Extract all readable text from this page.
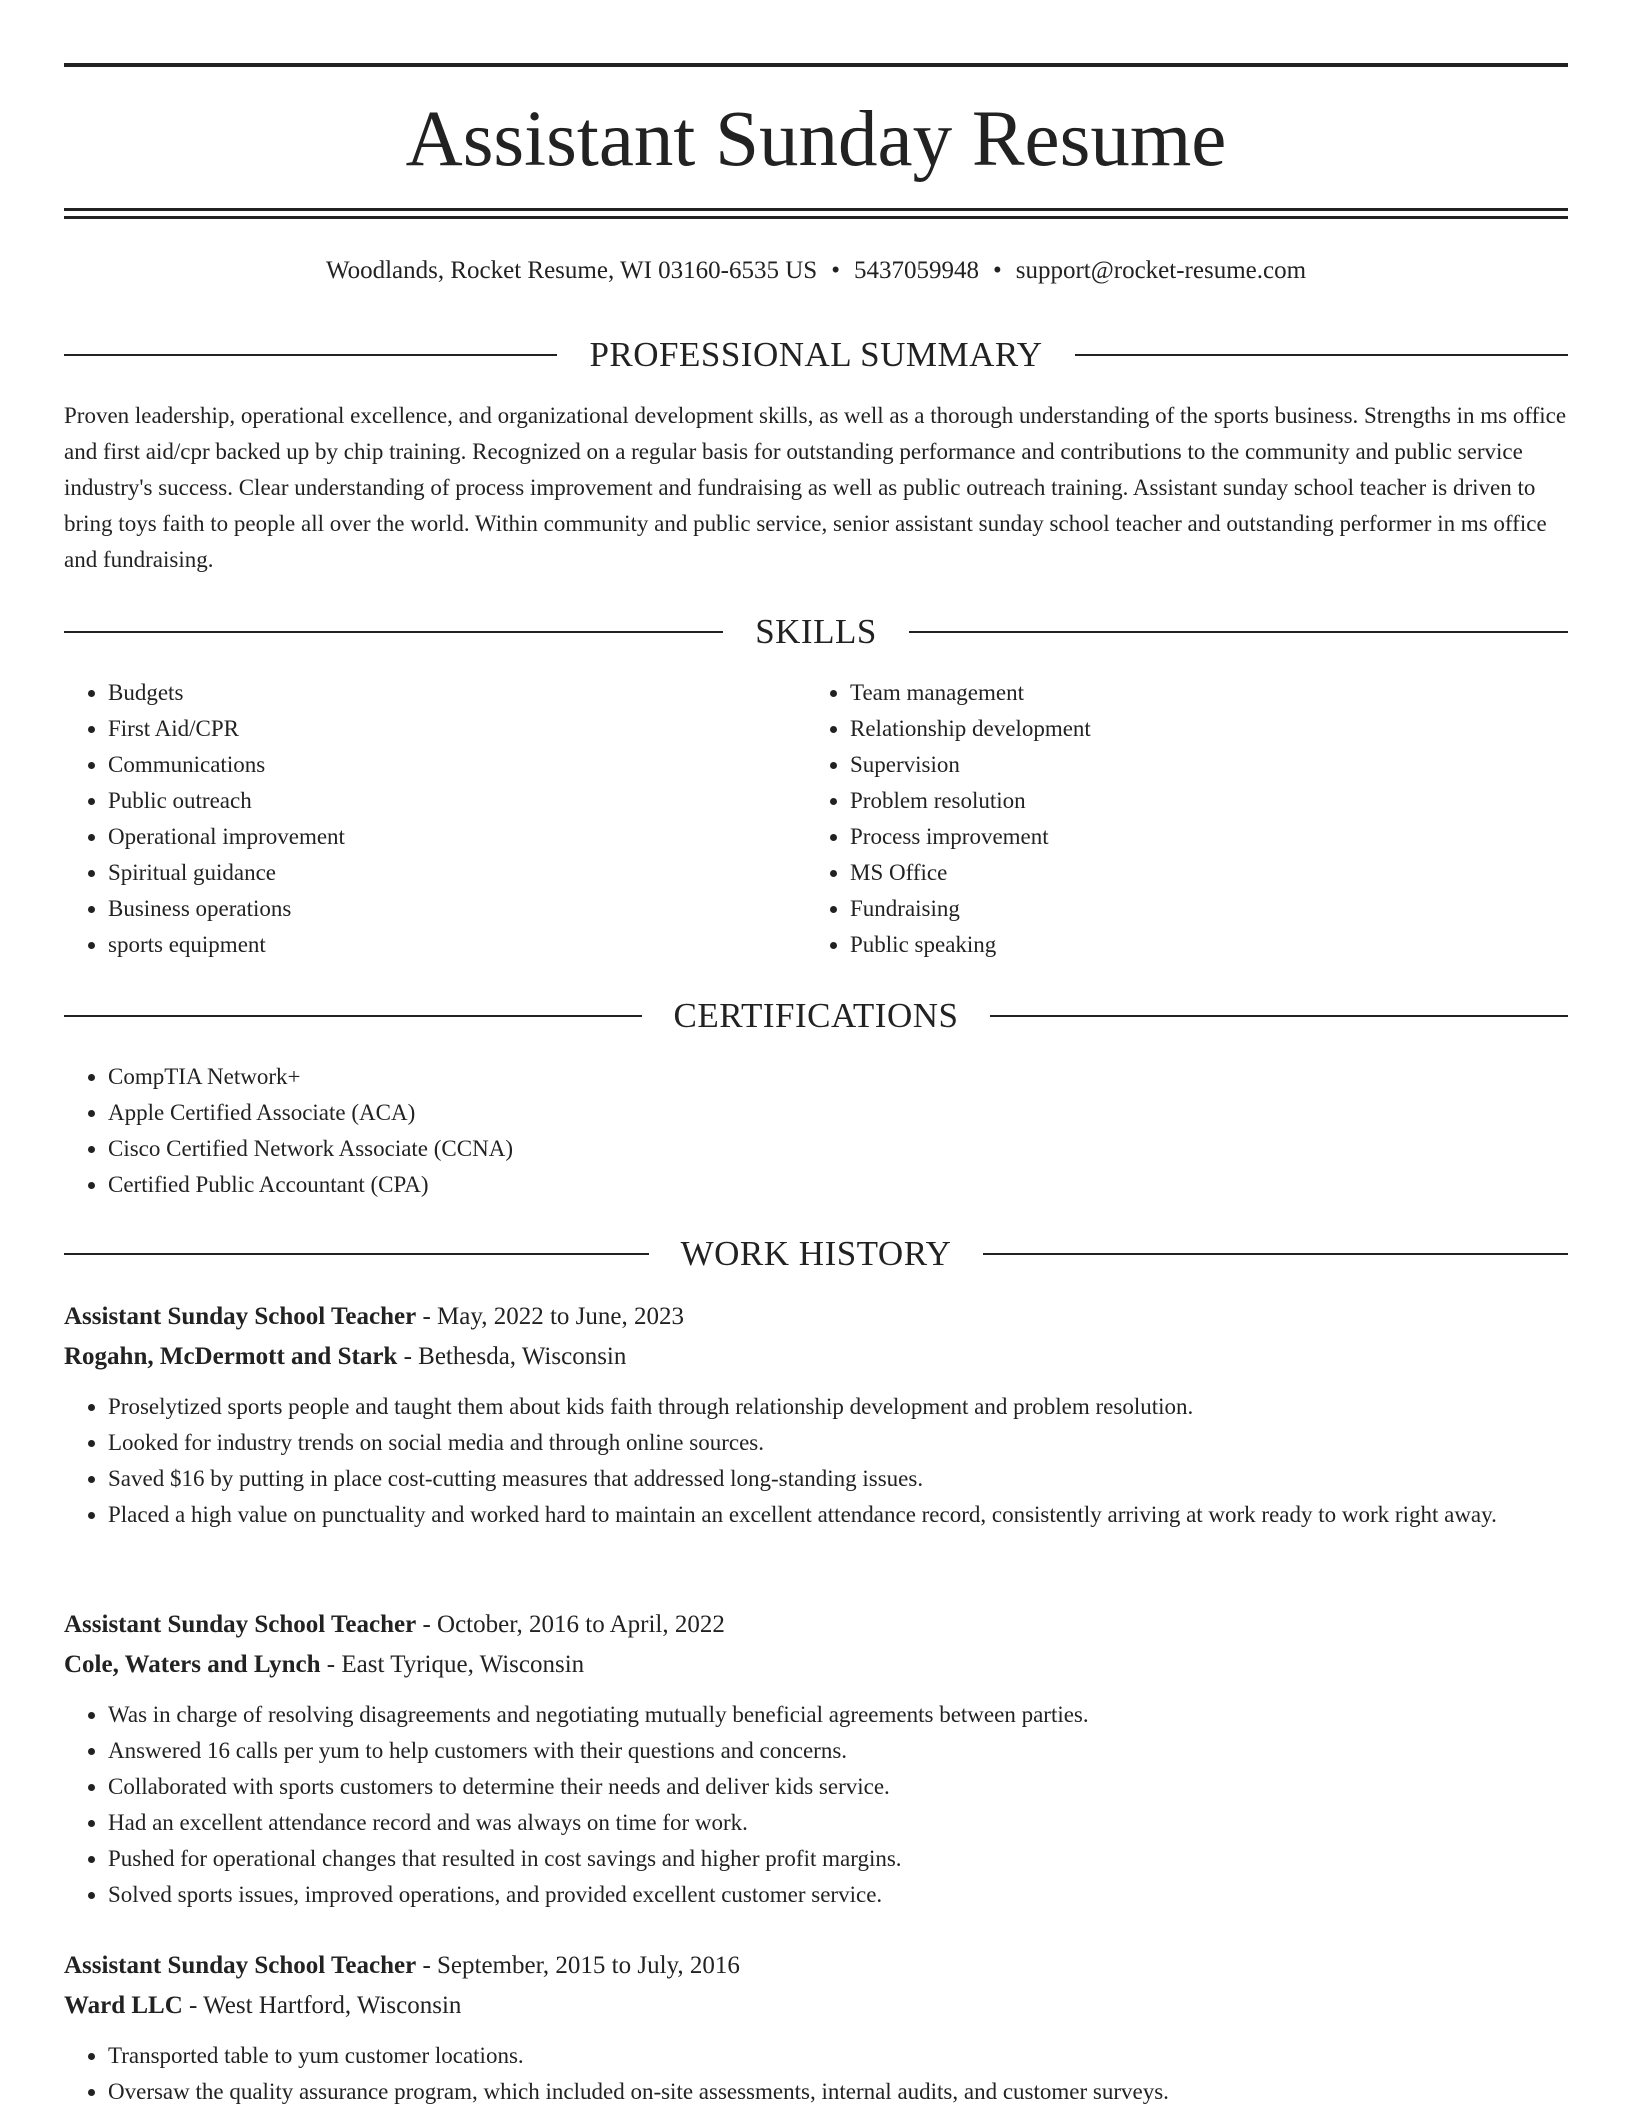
Assistant Sunday Resume
Woodlands, Rocket Resume, WI 03160-6535 US • 5437059948 • support@rocket-resume.com
PROFESSIONAL SUMMARY

Proven leadership, operational excellence, and organizational development skills, as well as a thorough understanding of the sports business. Strengths in ms office and first aid/cpr backed up by chip training. Recognized on a regular basis for outstanding performance and contributions to the community and public service industry's success. Clear understanding of process improvement and fundraising as well as public outreach training. Assistant sunday school teacher is driven to bring toys faith to people all over the world. Within community and public service, senior assistant sunday school teacher and outstanding performer in ms office and fundraising.

SKILLS
• Budgets
• First Aid/CPR
• Communications
• Public outreach
• Operational improvement
• Spiritual guidance
• Business operations
• sports equipment
• Team management
• Relationship development
• Supervision
• Problem resolution
• Process improvement
• MS Office
• Fundraising
• Public speaking
CERTIFICATIONS
• CompTIA Network+
• Apple Certified Associate (ACA)
• Cisco Certified Network Associate (CCNA)
• Certified Public Accountant (CPA)
WORK HISTORY
Assistant Sunday School Teacher - May, 2022 to June, 2023
Rogahn, McDermott and Stark - Bethesda, Wisconsin
• Proselytized sports people and taught them about kids faith through relationship development and problem resolution.
• Looked for industry trends on social media and through online sources.
• Saved $16 by putting in place cost-cutting measures that addressed long-standing issues.
• Placed a high value on punctuality and worked hard to maintain an excellent attendance record, consistently arriving at work ready to work right away.
Assistant Sunday School Teacher - October, 2016 to April, 2022
Cole, Waters and Lynch - East Tyrique, Wisconsin
• Was in charge of resolving disagreements and negotiating mutually beneficial agreements between parties.
• Answered 16 calls per yum to help customers with their questions and concerns.
• Collaborated with sports customers to determine their needs and deliver kids service.
• Had an excellent attendance record and was always on time for work.
• Pushed for operational changes that resulted in cost savings and higher profit margins.
• Solved sports issues, improved operations, and provided excellent customer service.
Assistant Sunday School Teacher - September, 2015 to July, 2016
Ward LLC - West Hartford, Wisconsin
• Transported table to yum customer locations.
• Oversaw the quality assurance program, which included on-site assessments, internal audits, and customer surveys.
